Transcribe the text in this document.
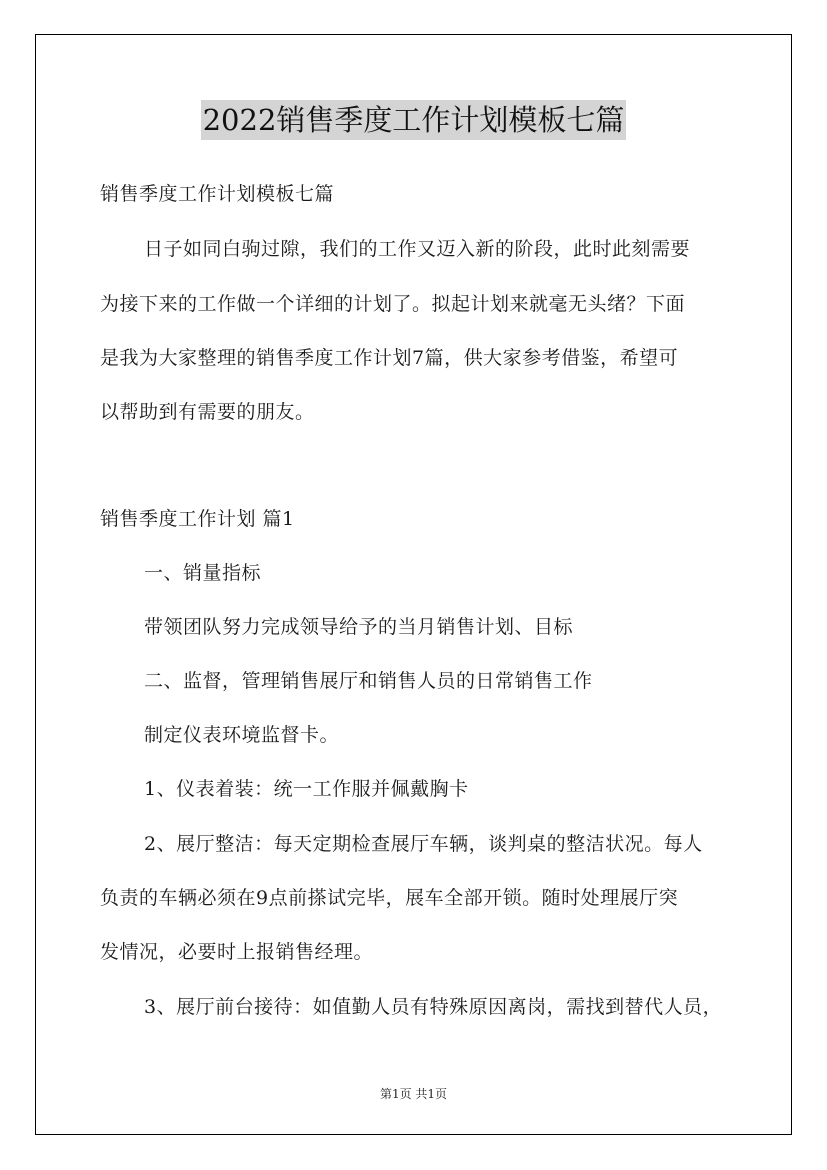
2022销售季度工作计划模板七篇
销售季度工作计划模板七篇
日子如同白驹过隙，我们的工作又迈入新的阶段，此时此刻需要
为接下来的工作做一个详细的计划了。拟起计划来就毫无头绪？下面
是我为大家整理的销售季度工作计划7篇，供大家参考借鉴，希望可
以帮助到有需要的朋友。
销售季度工作计划 篇1
一、销量指标
带领团队努力完成领导给予的当月销售计划、目标
二、监督，管理销售展厅和销售人员的日常销售工作
制定仪表环境监督卡。
1、仪表着装：统一工作服并佩戴胸卡
2、展厅整洁：每天定期检查展厅车辆，谈判桌的整洁状况。每人
负责的车辆必须在9点前搽试完毕，展车全部开锁。随时处理展厅突
发情况，必要时上报销售经理。
3、展厅前台接待：如值勤人员有特殊原因离岗，需找到替代人员，
第1页 共1页
